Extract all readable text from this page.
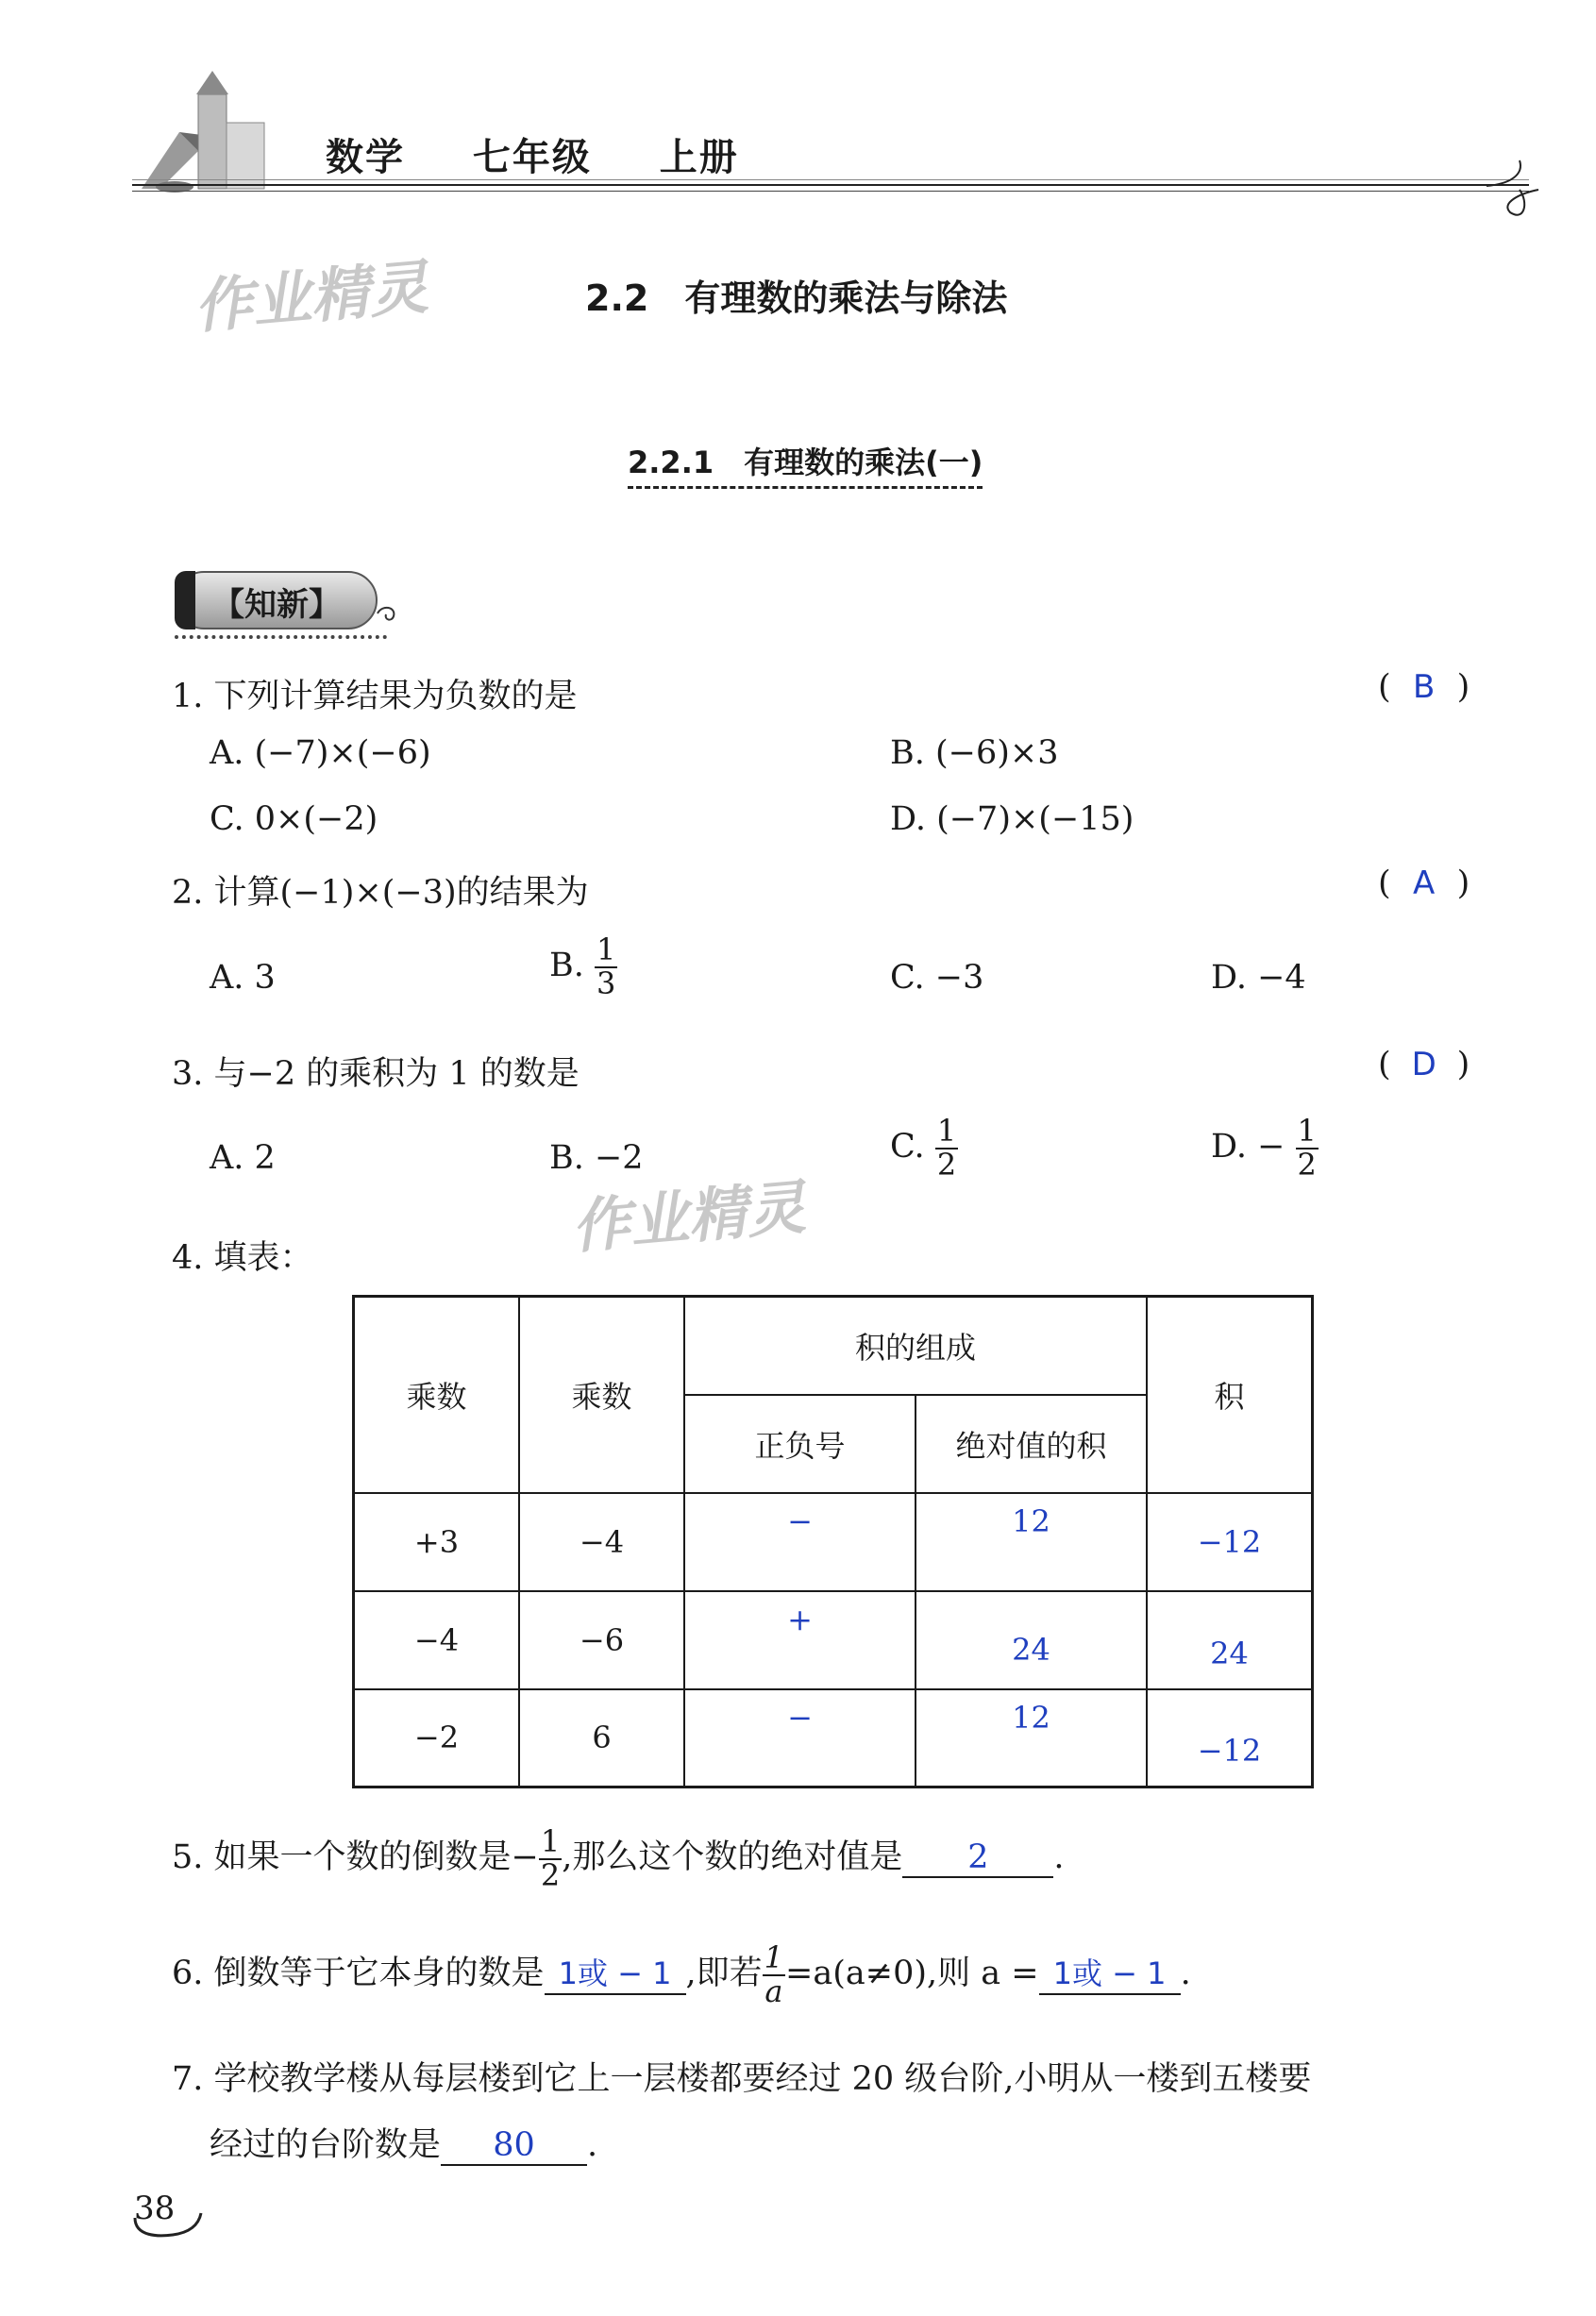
数学 七年级 上册
作业精灵
作业精灵
2.2　有理数的乘法与除法
2.2.1　有理数的乘法(一)
【知新】
1. 下列计算结果为负数的是	( B )
A. (−7)×(−6)	B. (−6)×3
C. 0×(−2)	D. (−7)×(−15)
2. 计算(−1)×(−3)的结果为	( A )
A. 3	B. $\frac{1}{3}$	C. −3	D. −4
3. 与−2 的乘积为 1 的数是	( D )
A. 2	B. −2	C. $\frac{1}{2}$	D. − $\frac{1}{2}$
4. 填表：
乘数	乘数	积的组成		积
		正负号	绝对值的积	
+3	−4	−	12	−12
−4	−6	+	24	24
−2	6	−	12	−12
5. 如果一个数的倒数是− $\frac{1}{2}$ ,那么这个数的绝对值是 2 .
6. 倒数等于它本身的数是 1或 − 1 ,即若 $\frac{1}{a} =a(a\ne 0)$,则 a = 1或 − 1 .
7. 学校教学楼从每层楼到它上一层楼都要经过 20 级台阶,小明从一楼到五楼要
经过的台阶数是 80 .
38
